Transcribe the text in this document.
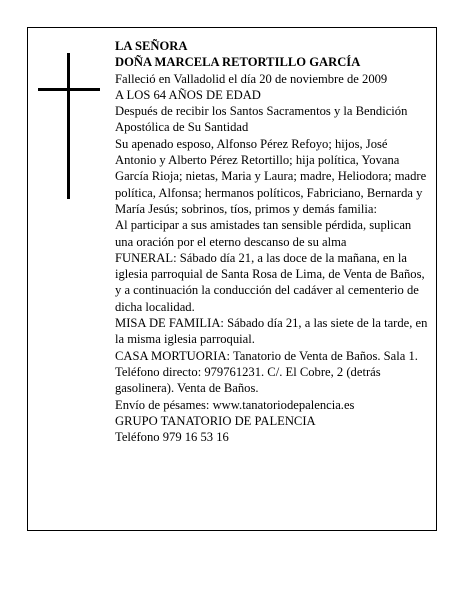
LA SEÑORA
DOÑA MARCELA RETORTILLO GARCÍA
Falleció en Valladolid el día 20 de noviembre de 2009
A LOS 64 AÑOS DE EDAD
Después de recibir los Santos Sacramentos y la Bendición Apostólica de Su Santidad
Su apenado esposo, Alfonso Pérez Refoyo; hijos, José Antonio y Alberto Pérez Retortillo; hija política, Yovana García Rioja; nietas, Maria y Laura; madre, Heliodora; madre política, Alfonsa; hermanos políticos, Fabriciano, Bernarda y María Jesús; sobrinos, tíos, primos y demás familia:
Al participar a sus amistades tan sensible pérdida, suplican una oración por el eterno descanso de su alma
FUNERAL: Sábado día 21, a las doce de la mañana, en la iglesia parroquial de Santa Rosa de Lima, de Venta de Baños, y a continuación la conducción del cadáver al cementerio de dicha localidad.
MISA DE FAMILIA: Sábado día 21, a las siete de la tarde, en la misma iglesia parroquial.
CASA MORTUORIA: Tanatorio de Venta de Baños. Sala 1. Teléfono directo: 979761231. C/. El Cobre, 2 (detrás gasolinera). Venta de Baños.
Envío de pésames: www.tanatoriodepalencia.es
GRUPO TANATORIO DE PALENCIA
Teléfono 979 16 53 16
